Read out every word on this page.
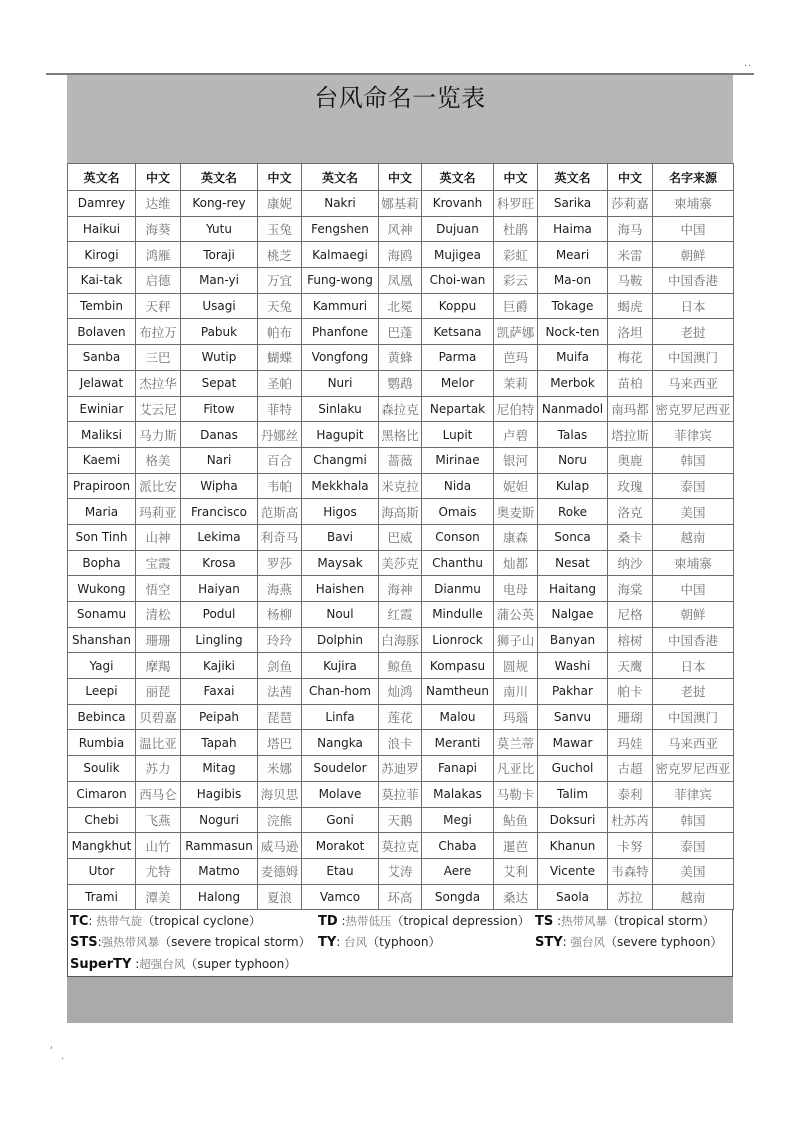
..
台风命名一览表
英文名	中文	英文名	中文	英文名	中文	英文名	中文	英文名	中文	名字来源
Damrey	达维	Kong-rey	康妮	Nakri	娜基莉	Krovanh	科罗旺	Sarika	莎莉嘉	柬埔寨
Haikui	海葵	Yutu	玉兔	Fengshen	风神	Dujuan	杜鹃	Haima	海马	中国
Kirogi	鸿雁	Toraji	桃芝	Kalmaegi	海鸥	Mujigea	彩虹	Meari	米雷	朝鲜
Kai-tak	启德	Man-yi	万宜	Fung-wong	凤凰	Choi-wan	彩云	Ma-on	马鞍	中国香港
Tembin	天秤	Usagi	天兔	Kammuri	北冕	Koppu	巨爵	Tokage	蝎虎	日本
Bolaven	布拉万	Pabuk	帕布	Phanfone	巴蓬	Ketsana	凯萨娜	Nock-ten	洛坦	老挝
Sanba	三巴	Wutip	蝴蝶	Vongfong	黄蜂	Parma	芭玛	Muifa	梅花	中国澳门
Jelawat	杰拉华	Sepat	圣帕	Nuri	鹦鹉	Melor	茉莉	Merbok	苗柏	马来西亚
Ewiniar	艾云尼	Fitow	菲特	Sinlaku	森拉克	Nepartak	尼伯特	Nanmadol	南玛都	密克罗尼西亚
Maliksi	马力斯	Danas	丹娜丝	Hagupit	黑格比	Lupit	卢碧	Talas	塔拉斯	菲律宾
Kaemi	格美	Nari	百合	Changmi	蔷薇	Mirinae	银河	Noru	奥鹿	韩国
Prapiroon	派比安	Wipha	韦帕	Mekkhala	米克拉	Nida	妮妲	Kulap	玫瑰	泰国
Maria	玛莉亚	Francisco	范斯高	Higos	海高斯	Omais	奥麦斯	Roke	洛克	美国
Son Tinh	山神	Lekima	利奇马	Bavi	巴威	Conson	康森	Sonca	桑卡	越南
Bopha	宝霞	Krosa	罗莎	Maysak	美莎克	Chanthu	灿都	Nesat	纳沙	柬埔寨
Wukong	悟空	Haiyan	海燕	Haishen	海神	Dianmu	电母	Haitang	海棠	中国
Sonamu	清松	Podul	杨柳	Noul	红霞	Mindulle	蒲公英	Nalgae	尼格	朝鲜
Shanshan	珊珊	Lingling	玲玲	Dolphin	白海豚	Lionrock	狮子山	Banyan	榕树	中国香港
Yagi	摩羯	Kajiki	剑鱼	Kujira	鲸鱼	Kompasu	圆规	Washi	天鹰	日本
Leepi	丽琵	Faxai	法茜	Chan-hom	灿鸿	Namtheun	南川	Pakhar	帕卡	老挝
Bebinca	贝碧嘉	Peipah	琵琶	Linfa	莲花	Malou	玛瑙	Sanvu	珊瑚	中国澳门
Rumbia	温比亚	Tapah	塔巴	Nangka	浪卡	Meranti	莫兰蒂	Mawar	玛娃	马来西亚
Soulik	苏力	Mitag	米娜	Soudelor	苏迪罗	Fanapi	凡亚比	Guchol	古超	密克罗尼西亚
Cimaron	西马仑	Hagibis	海贝思	Molave	莫拉菲	Malakas	马勒卡	Talim	泰利	菲律宾
Chebi	飞燕	Noguri	浣熊	Goni	天鹅	Megi	鲇鱼	Doksuri	杜苏芮	韩国
Mangkhut	山竹	Rammasun	威马逊	Morakot	莫拉克	Chaba	暹芭	Khanun	卡努	泰国
Utor	尤特	Matmo	麦德姆	Etau	艾涛	Aere	艾利	Vicente	韦森特	美国
Trami	潭美	Halong	夏浪	Vamco	环高	Songda	桑达	Saola	苏拉	越南
TC: 热带气旋（tropical cyclone）	TD :热带低压（tropical depression） TS :热带风暴（tropical storm）
STS:强热带风暴（severe tropical storm） TY: 台风（typhoon）	STY: 强台风（severe typhoon）
SuperTY :超强台风（super typhoon）
'
.
